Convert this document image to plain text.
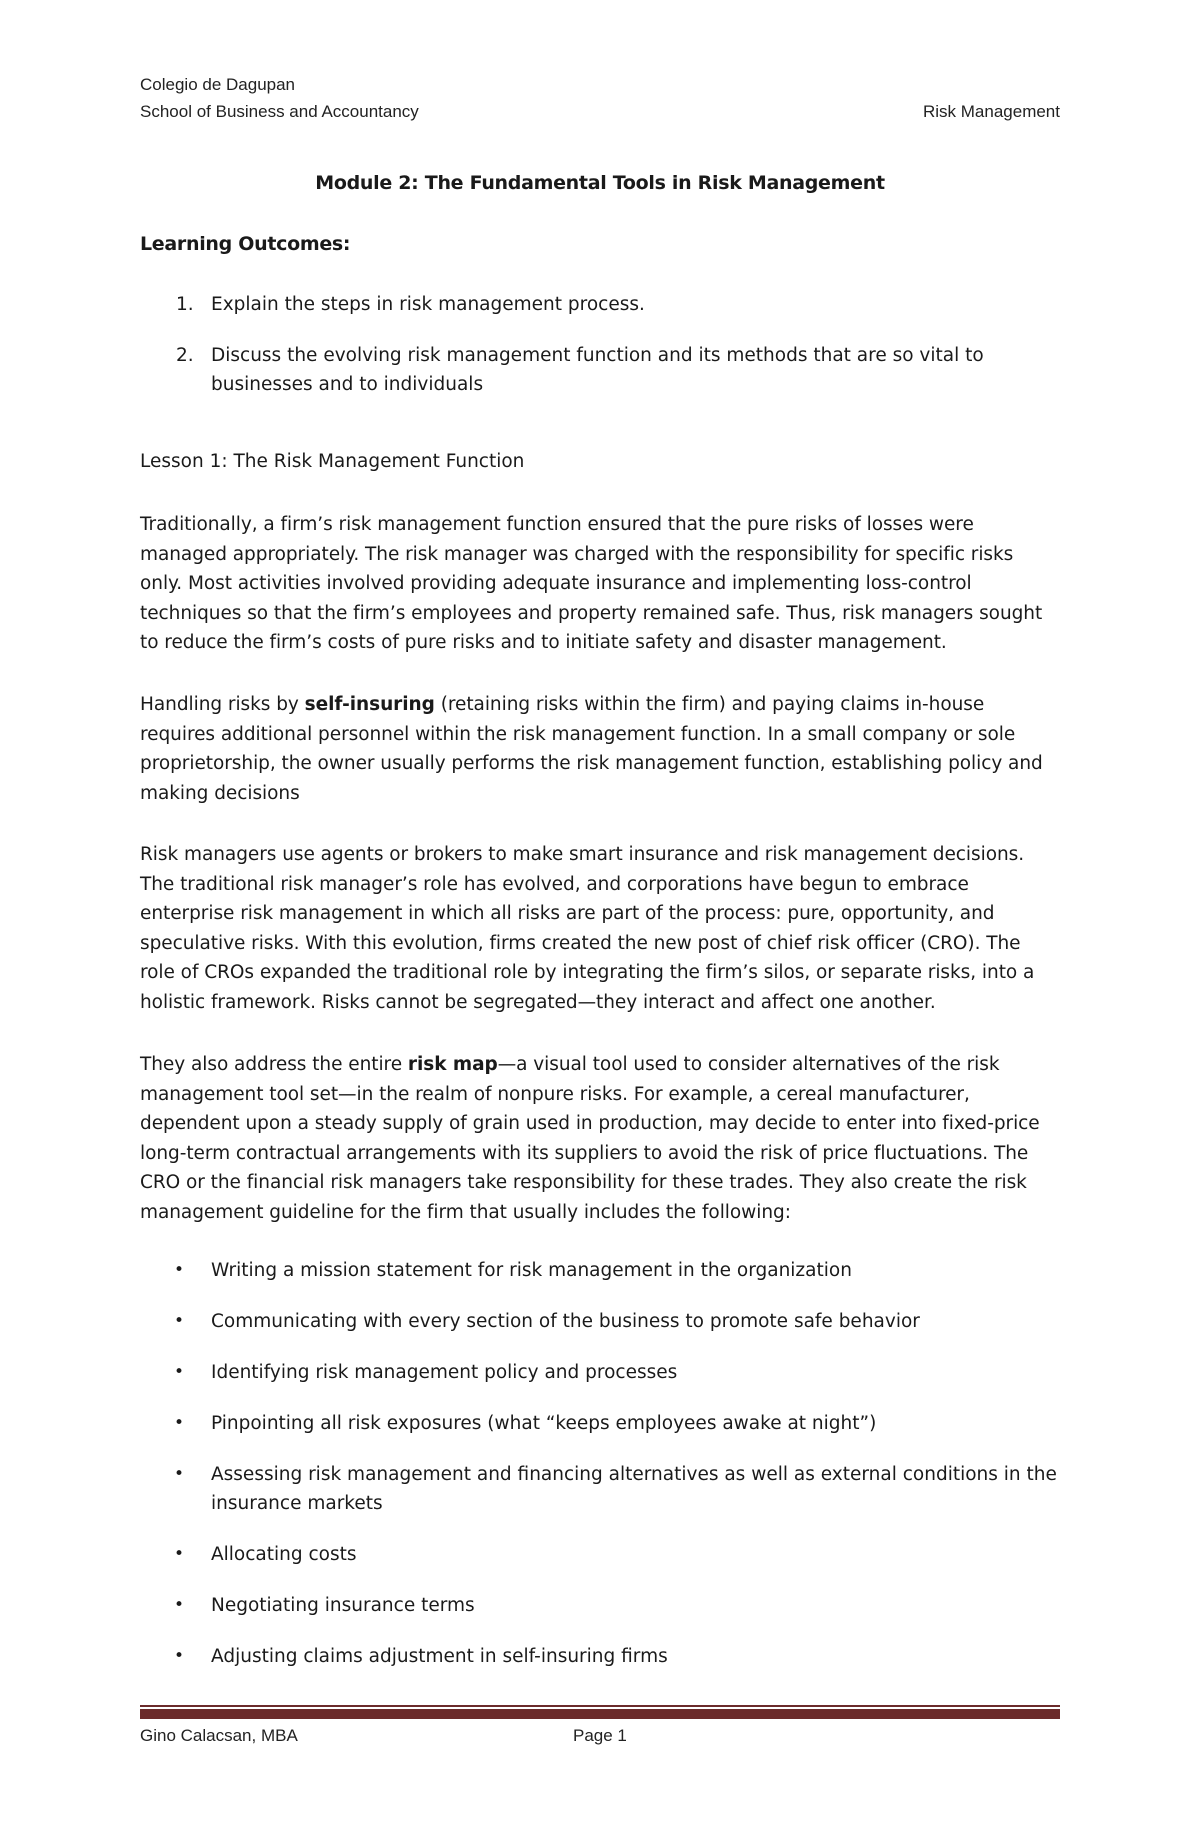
Colegio de Dagupan
School of Business and Accountancy	Risk Management
Module 2: The Fundamental Tools in Risk Management
Learning Outcomes:
1. Explain the steps in risk management process.
2. Discuss the evolving risk management function and its methods that are so vital to businesses and to individuals
Lesson 1: The Risk Management Function

Traditionally, a firm’s risk management function ensured that the pure risks of losses were managed appropriately. The risk manager was charged with the responsibility for specific risks only. Most activities involved providing adequate insurance and implementing loss-control techniques so that the firm’s employees and property remained safe. Thus, risk managers sought to reduce the firm’s costs of pure risks and to initiate safety and disaster management.

Handling risks by self-insuring (retaining risks within the firm) and paying claims in-house requires additional personnel within the risk management function. In a small company or sole proprietorship, the owner usually performs the risk management function, establishing policy and making decisions

Risk managers use agents or brokers to make smart insurance and risk management decisions. The traditional risk manager’s role has evolved, and corporations have begun to embrace enterprise risk management in which all risks are part of the process: pure, opportunity, and speculative risks. With this evolution, firms created the new post of chief risk officer (CRO). The role of CROs expanded the traditional role by integrating the firm’s silos, or separate risks, into a holistic framework. Risks cannot be segregated—they interact and affect one another.

They also address the entire risk map—a visual tool used to consider alternatives of the risk management tool set—in the realm of nonpure risks. For example, a cereal manufacturer, dependent upon a steady supply of grain used in production, may decide to enter into fixed-price long-term contractual arrangements with its suppliers to avoid the risk of price fluctuations. The CRO or the financial risk managers take responsibility for these trades. They also create the risk management guideline for the firm that usually includes the following:

• Writing a mission statement for risk management in the organization
• Communicating with every section of the business to promote safe behavior
• Identifying risk management policy and processes
• Pinpointing all risk exposures (what “keeps employees awake at night”)
• Assessing risk management and financing alternatives as well as external conditions in the insurance markets
• Allocating costs
• Negotiating insurance terms
• Adjusting claims adjustment in self-insuring firms
Gino Calacsan, MBA	Page 1
